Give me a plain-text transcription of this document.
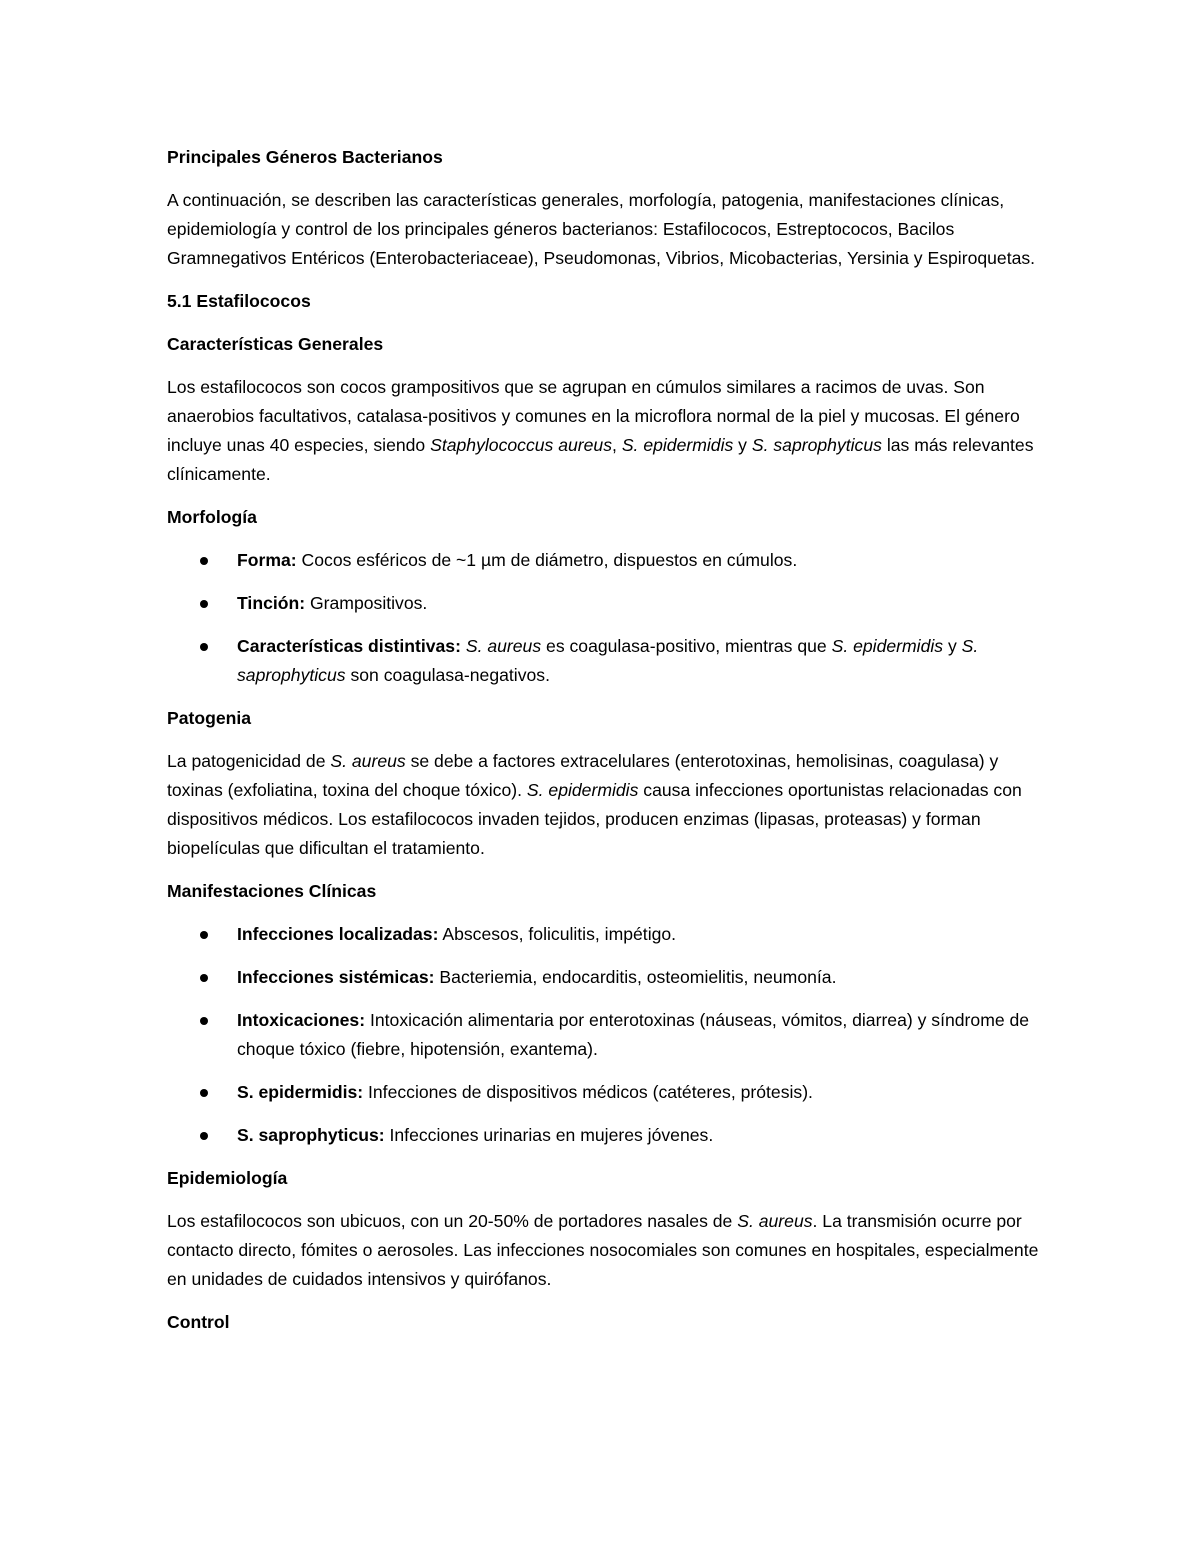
Principales Géneros Bacterianos

A continuación, se describen las características generales, morfología, patogenia, manifestaciones clínicas, epidemiología y control de los principales géneros bacterianos: Estafilococos, Estreptococos, Bacilos Gramnegativos Entéricos (Enterobacteriaceae), Pseudomonas, Vibrios, Micobacterias, Yersinia y Espiroquetas.

5.1 Estafilococos
Características Generales

Los estafilococos son cocos grampositivos que se agrupan en cúmulos similares a racimos de uvas. Son anaerobios facultativos, catalasa-positivos y comunes en la microflora normal de la piel y mucosas. El género incluye unas 40 especies, siendo Staphylococcus aureus, S. epidermidis y S. saprophyticus las más relevantes clínicamente.

Morfología
Forma: Cocos esféricos de ~1 µm de diámetro, dispuestos en cúmulos.
Tinción: Grampositivos.
Características distintivas: S. aureus es coagulasa-positivo, mientras que S. epidermidis y S. saprophyticus son coagulasa-negativos.
Patogenia

La patogenicidad de S. aureus se debe a factores extracelulares (enterotoxinas, hemolisinas, coagulasa) y toxinas (exfoliatina, toxina del choque tóxico). S. epidermidis causa infecciones oportunistas relacionadas con dispositivos médicos. Los estafilococos invaden tejidos, producen enzimas (lipasas, proteasas) y forman biopelículas que dificultan el tratamiento.

Manifestaciones Clínicas
Infecciones localizadas: Abscesos, foliculitis, impétigo.
Infecciones sistémicas: Bacteriemia, endocarditis, osteomielitis, neumonía.
Intoxicaciones: Intoxicación alimentaria por enterotoxinas (náuseas, vómitos, diarrea) y síndrome de choque tóxico (fiebre, hipotensión, exantema).
S. epidermidis: Infecciones de dispositivos médicos (catéteres, prótesis).
S. saprophyticus: Infecciones urinarias en mujeres jóvenes.
Epidemiología

Los estafilococos son ubicuos, con un 20-50% de portadores nasales de S. aureus. La transmisión ocurre por contacto directo, fómites o aerosoles. Las infecciones nosocomiales son comunes en hospitales, especialmente en unidades de cuidados intensivos y quirófanos.

Control
